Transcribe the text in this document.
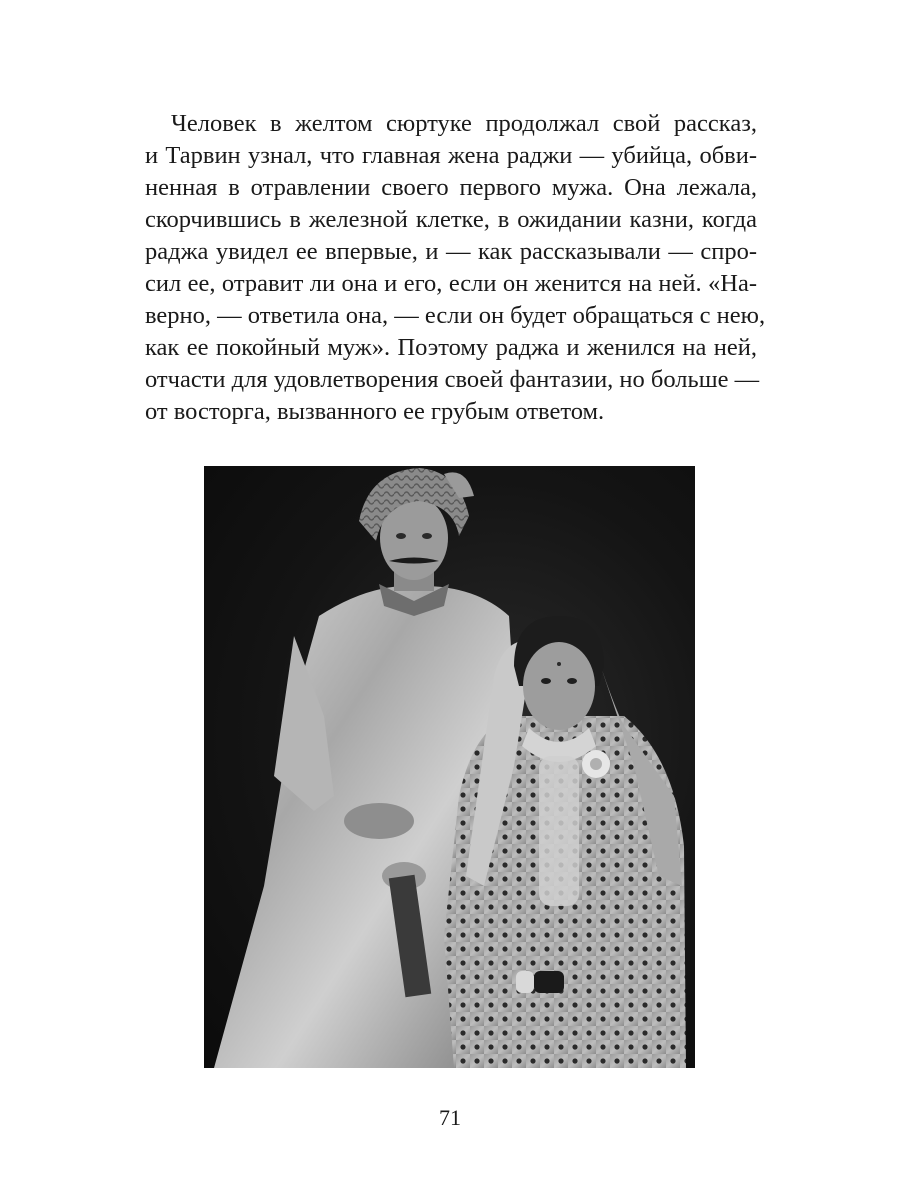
Человек в желтом сюртуке продолжал свой рассказ,
и Тарвин узнал, что главная жена раджи — убийца, обви-
ненная в отравлении своего первого мужа. Она лежала,
скорчившись в железной клетке, в ожидании казни, когда
раджа увидел ее впервые, и — как рассказывали — спро-
сил ее, отравит ли она и его, если он женится на ней. «На-
верно, — ответила она, — если он будет обращаться с нею,
как ее покойный муж». Поэтому раджа и женился на ней,
отчасти для удовлетворения своей фантазии, но больше —
от восторга, вызванного ее грубым ответом.
71
